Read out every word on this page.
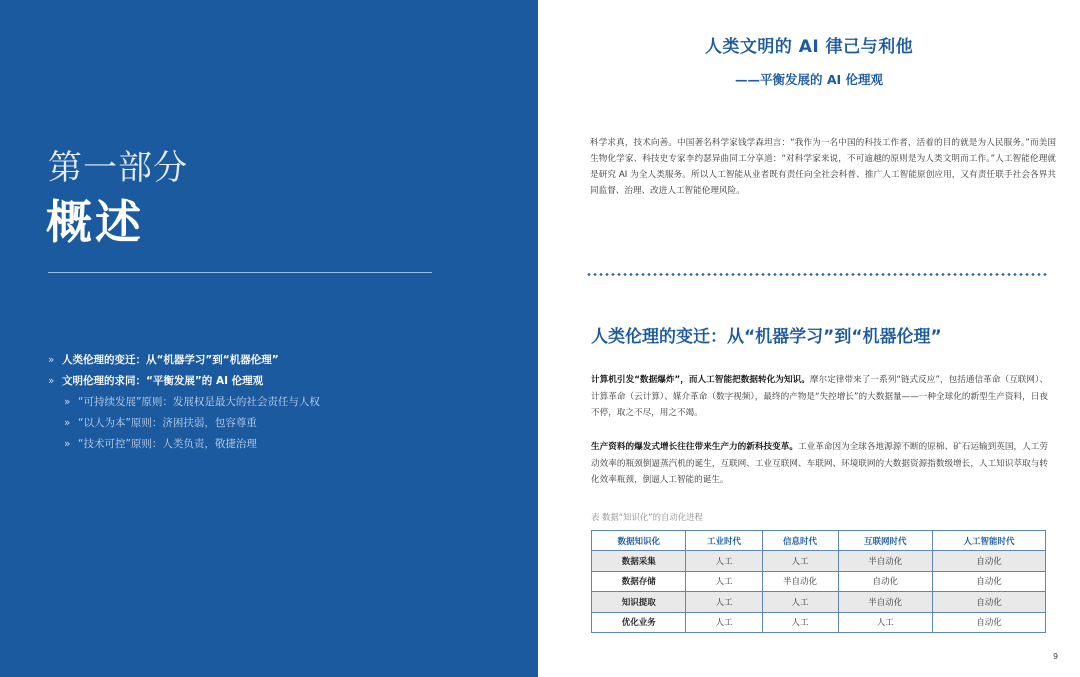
第一部分
概述
» 人类伦理的变迁：从“机器学习”到“机器伦理”
» 文明伦理的求同：“平衡发展”的 AI 伦理观
» “可持续发展”原则：发展权是最大的社会责任与人权
» “以人为本”原则：济困扶弱，包容尊重
» “技术可控”原则：人类负责，敬捷治理
人类文明的 AI 律己与利他
——平衡发展的 AI 伦理观

科学求真，技术向善。中国著名科学家钱学森坦言：“我作为一名中国的科技工作者，活着的目的就是为人民服务。”而美国生物化学家、科技史专家李约瑟异曲同工分享道：“对科学家来说，不可逾越的原则是为人类文明而工作。”人工智能伦理就是研究 AI 为全人类服务。所以人工智能从业者既有责任向全社会科普、推广人工智能原创应用，又有责任联手社会各界共同监督、治理、改进人工智能伦理风险。

人类伦理的变迁：从“机器学习”到“机器伦理”

计算机引发“数据爆炸”，而人工智能把数据转化为知识。摩尔定律带来了一系列“链式反应”，包括通信革命（互联网）、计算革命（云计算）、媒介革命（数字视频），最终的产物是“失控增长”的大数据量——一种全球化的新型生产资料，日夜不停，取之不尽，用之不竭。

生产资料的爆发式增长往往带来生产力的新科技变革。工业革命因为全球各地源源不断的原棉、矿石运输到英国，人工劳动效率的瓶颈倒逼蒸汽机的诞生，互联网、工业互联网、车联网、环境联网的大数据资源指数级增长，人工知识萃取与转化效率瓶颈，倒逼人工智能的诞生。

表 数据“知识化”的自动化进程
数据知识化	工业时代	信息时代	互联网时代	人工智能时代
数据采集	人工	人工	半自动化	自动化
数据存储	人工	半自动化	自动化	自动化
知识提取	人工	人工	半自动化	自动化
优化业务	人工	人工	人工	自动化
9
